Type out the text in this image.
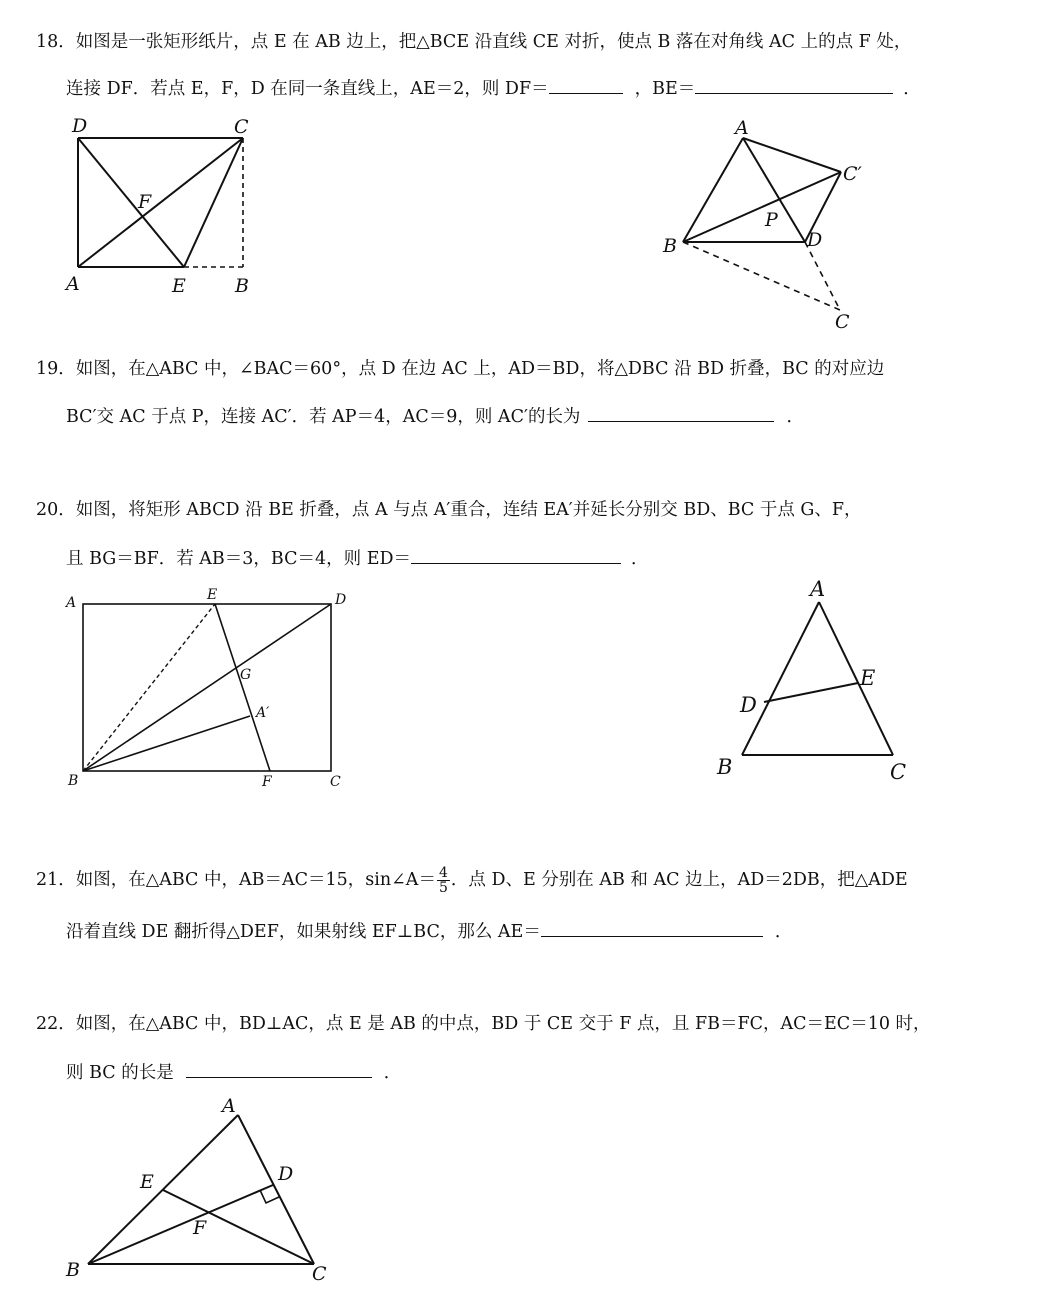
18．如图是一张矩形纸片，点 E 在 AB 边上，把△BCE 沿直线 CE 对折，使点 B 落在对角线 AC 上的点 F 处，
连接 DF．若点 E，F，D 在同一条直线上，AE＝2，则 DF＝	，BE＝	．
D	C
F
A	E	B
A
C′
P
B	D
C
19．如图，在△ABC 中，∠BAC＝60°，点 D 在边 AC 上，AD＝BD，将△DBC 沿 BD 折叠，BC 的对应边
BC′交 AC 于点 P，连接 AC′．若 AP＝4，AC＝9，则 AC′的长为	．
20．如图，将矩形 ABCD 沿 BE 折叠，点 A 与点 A′重合，连结 EA′并延长分别交 BD、BC 于点 G、F，
且 BG＝BF．若 AB＝3，BC＝4，则 ED＝	．
A	E	D
G
A′
B	F	C
A
E
D
B	C
21．如图，在△ABC 中，AB＝AC＝15，sin∠A＝ $\frac{4}{5}$ ．点 D、E 分别在 AB 和 AC 边上，AD＝2DB，把△ADE
沿着直线 DE 翻折得△DEF，如果射线 EF⊥BC，那么 AE＝	．
22．如图，在△ABC 中，BD⊥AC，点 E 是 AB 的中点，BD 于 CE 交于 F 点，且 FB＝FC，AC＝EC＝10 时，
则 BC 的长是	．
A
E	D
F
B	C
